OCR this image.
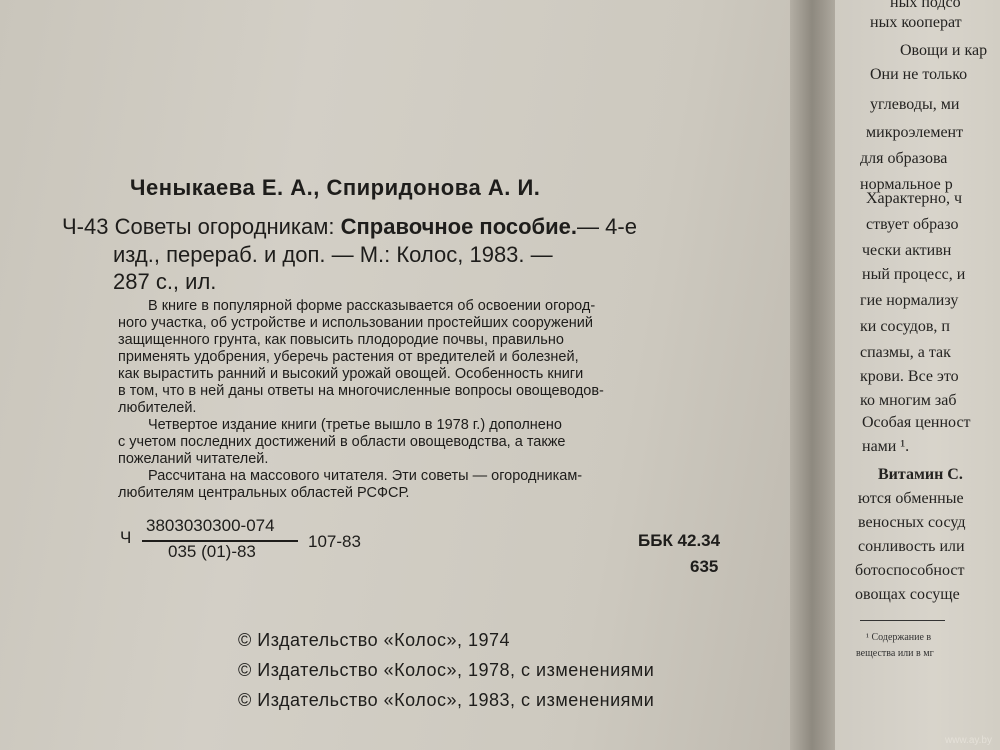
Ченыкаева Е. А., Спиридонова А. И.
Ч-43 Советы огородникам: Справочное пособие.— 4-е
изд., перераб. и доп. — М.: Колос, 1983. —
287 с., ил.
В книге в популярной форме рассказывается об освоении огород-
ного участка, об устройстве и использовании простейших сооружений
защищенного грунта, как повысить плодородие почвы, правильно
применять удобрения, уберечь растения от вредителей и болезней,
как вырастить ранний и высокий урожай овощей. Особенность книги
в том, что в ней даны ответы на многочисленные вопросы овощеводов-
любителей.
Четвертое издание книги (третье вышло в 1978 г.) дополнено
с учетом последних достижений в области овощеводства, а также
пожеланий читателей.
Рассчитана на массового читателя. Эти советы — огородникам-
любителям центральных областей РСФСР.
Ч
3803030300-074
035 (01)-83
107-83	ББК 42.34
635
© Издательство «Колос», 1974
© Издательство «Колос», 1978, с изменениями
© Издательство «Колос», 1983, с изменениями
ных подсо
ных кооперат
Овощи и кар
Они не только
углеводы, ми
микроэлемент
для образова
нормальное р
Характерно, ч
ствует образо
чески активн
ный процесс, и
гие нормализу
ки сосудов, п
спазмы, а так
крови. Все это
ко многим заб
Особая ценност
нами ¹.
Витамин С.
ются обменные
веносных сосуд
сонливость или
ботоспособност
овощах сосуще
¹ Содержание в
вещества или в мг
www.ay.by
